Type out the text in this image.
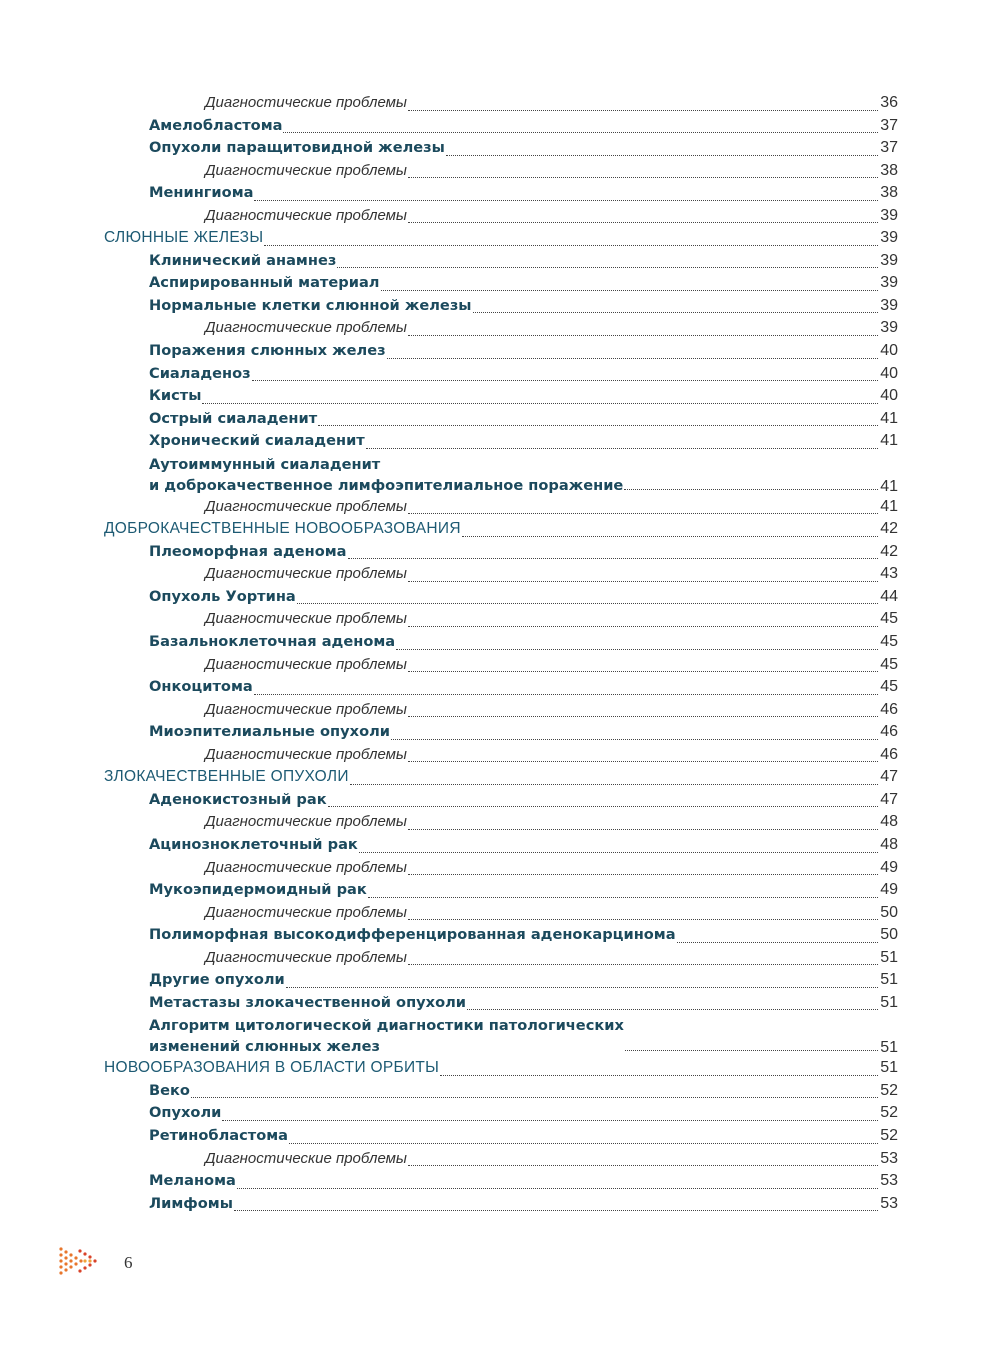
Диагностические проблемы	36
Амелобластома	37
Опухоли паращитовидной железы	37
Диагностические проблемы	38
Менингиома	38
Диагностические проблемы	39
СЛЮННЫЕ ЖЕЛЕЗЫ	39
Клинический анамнез	39
Аспирированный материал	39
Нормальные клетки слюнной железы	39
Диагностические проблемы	39
Поражения слюнных желез	40
Сиаладеноз	40
Кисты	40
Острый сиаладенит	41
Хронический сиаладенит	41
Аутоиммунный сиаладенит
и доброкачественное лимфоэпителиальное поражение	41
Диагностические проблемы	41
ДОБРОКАЧЕСТВЕННЫЕ НОВООБРАЗОВАНИЯ	42
Плеоморфная аденома	42
Диагностические проблемы	43
Опухоль Уортина	44
Диагностические проблемы	45
Базальноклеточная аденома	45
Диагностические проблемы	45
Онкоцитома	45
Диагностические проблемы	46
Миоэпителиальные опухоли	46
Диагностические проблемы	46
ЗЛОКАЧЕСТВЕННЫЕ ОПУХОЛИ	47
Аденокистозный рак	47
Диагностические проблемы	48
Ацинозноклеточный рак	48
Диагностические проблемы	49
Мукоэпидермоидный рак	49
Диагностические проблемы	50
Полиморфная высокодифференцированная аденокарцинома	50
Диагностические проблемы	51
Другие опухоли	51
Метастазы злокачественной опухоли	51
Алгоритм цитологической диагностики патологических
изменений слюнных желез	51
НОВООБРАЗОВАНИЯ В ОБЛАСТИ ОРБИТЫ	51
Веко	52
Опухоли	52
Ретинобластома	52
Диагностические проблемы	53
Меланома	53
Лимфомы	53
6
